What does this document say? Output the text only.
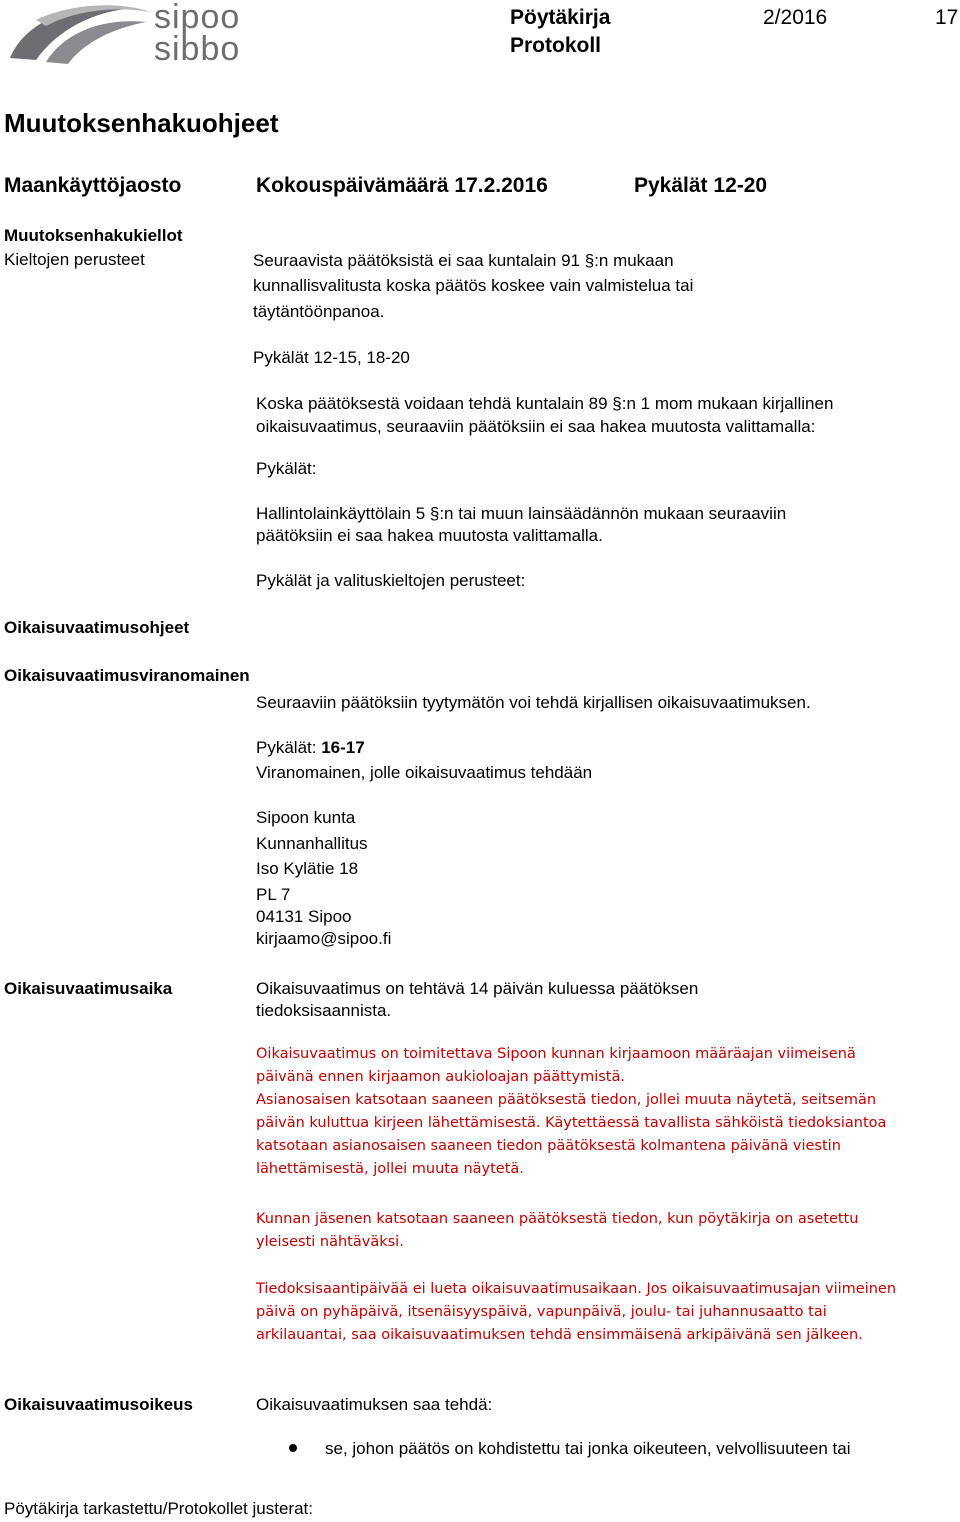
sipoo
sibbo
Pöytäkirja
Protokoll
2/2016	17
Muutoksenhakuohjeet
Maankäyttöjaosto	Kokouspäivämäärä 17.2.2016	Pykälät 12-20
Muutoksenhakukiellot
Kieltojen perusteet	Seuraavista päätöksistä ei saa kuntalain 91 §:n mukaan
kunnallisvalitusta koska päätös koskee vain valmistelua tai
täytäntöönpanoa.
Pykälät 12-15, 18-20
Koska päätöksestä voidaan tehdä kuntalain 89 §:n 1 mom mukaan kirjallinen
oikaisuvaatimus, seuraaviin päätöksiin ei saa hakea muutosta valittamalla:
Pykälät:
Hallintolainkäyttölain 5 §:n tai muun lainsäädännön mukaan seuraaviin
päätöksiin ei saa hakea muutosta valittamalla.
Pykälät ja valituskieltojen perusteet:
Oikaisuvaatimusohjeet
Oikaisuvaatimusviranomainen
Seuraaviin päätöksiin tyytymätön voi tehdä kirjallisen oikaisuvaatimuksen.
Pykälät: 16-17
Viranomainen, jolle oikaisuvaatimus tehdään
Sipoon kunta
Kunnanhallitus
Iso Kylätie 18
PL 7
04131 Sipoo
kirjaamo@sipoo.fi
Oikaisuvaatimusaika	Oikaisuvaatimus on tehtävä 14 päivän kuluessa päätöksen
tiedoksisaannista.

Oikaisuvaatimus on toimitettava Sipoon kunnan kirjaamoon määräajan viimeisenä

päivänä ennen kirjaamon aukioloajan päättymistä.

Asianosaisen katsotaan saaneen päätöksestä tiedon, jollei muuta näytetä, seitsemän

päivän kuluttua kirjeen lähettämisestä. Käytettäessä tavallista sähköistä tiedoksiantoa

katsotaan asianosaisen saaneen tiedon päätöksestä kolmantena päivänä viestin

lähettämisestä, jollei muuta näytetä.

Kunnan jäsenen katsotaan saaneen päätöksestä tiedon, kun pöytäkirja on asetettu

yleisesti nähtäväksi.

Tiedoksisaantipäivää ei lueta oikaisuvaatimusaikaan. Jos oikaisuvaatimusajan viimeinen

päivä on pyhäpäivä, itsenäisyyspäivä, vapunpäivä, joulu- tai juhannusaatto tai

arkilauantai, saa oikaisuvaatimuksen tehdä ensimmäisenä arkipäivänä sen jälkeen.

Oikaisuvaatimusoikeus	Oikaisuvaatimuksen saa tehdä:
se, johon päätös on kohdistettu tai jonka oikeuteen, velvollisuuteen tai
Pöytäkirja tarkastettu/Protokollet justerat:
